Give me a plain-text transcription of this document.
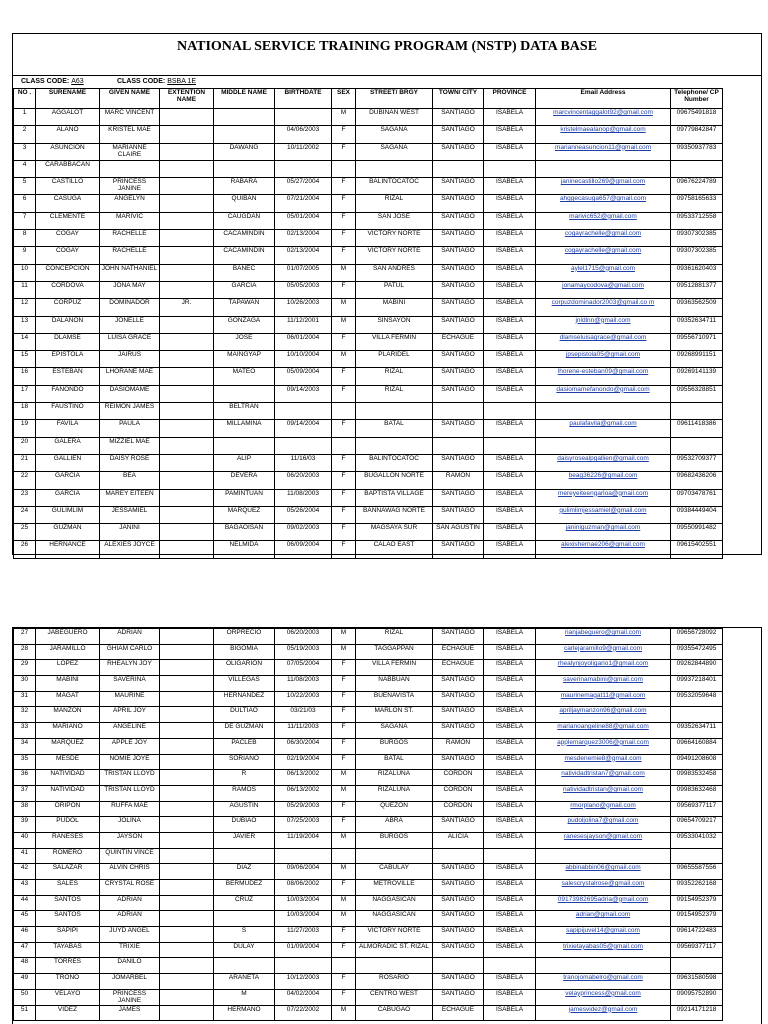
NATIONAL SERVICE TRAINING PROGRAM (NSTP) DATA BASE
CLASS CODE: A63	CLASS CODE: BSBA 1E
NO .	SURENAME	GIVEN NAME	EXTENTION NAME	MIDDLE NAME	BIRTHDATE	SEX	STREET/ BRGY	TOWN/ CITY	PROVINCE	Email Address	Telephone/ CP Number
1	AGGALOT	MARC VINCENT				M	DUBINAN WEST	SANTIAGO	ISABELA	marcvincentaggalot92@gmail.com	09675491818
2	ALANO	KRISTEL MAE			04/06/2003	F	SAGANA	SANTIAGO	ISABELA	kristelmaealanop@gmail.com	09779842847
3	ASUNCION	MARIANNE CLAIRE		DAWANG	10/11/2002	F	SAGANA	SANTIAGO	ISABELA	marianneasuncion11@gmail.com	09350937783
4	CARABBACAN										
5	CASTILLO	PRINCESS JANINE		RABARA	05/27/2004	F	BALINTOCATOC	SANTIAGO	ISABELA	janinecastillo269@gmail.com	09676224789
6	CASUGA	ANGELYN		QUIBAN	07/21/2004	F	RIZAL	SANTIAGO	ISABELA	ahggecasuga657@gmail.com	09758165633
7	CLEMENTE	MARIVIC		CAUGDAN	05/01/2004	F	SAN JOSE	SANTIAGO	ISABELA	marivic652@gmail.com	09533712558
8	COGAY	RACHELLE		CACAMINDIN	02/13/2004	F	VICTORY NORTE	SANTIAGO	ISABELA	cogayrachelle@gmail.com	09307302385
9	COGAY	RACHELLE		CACAMINDIN	02/13/2004	F	VICTORY NORTE	SANTIAGO	ISABELA	cogayrachelle@gmail.com	09307302385
10	CONCEPCION	JOHN NATHANIEL		BANEC	01/07/2005	M	SAN ANDRES	SANTIAGO	ISABELA	aylel1715@gmail.com	09361620403
11	CORDOVA	JONA MAY		GARCIA	05/05/2003	F	PATUL	SANTIAGO	ISABELA	jonamaycodova@gmail.com	09512881377
12	CORPUZ	DOMINADOR	JR.	TAPAWAN	10/26/2003	M	MABINI	SANTIAGO	ISABELA	corpuzdominador2003@gmail.co m	09363562509
13	DALANON	JONELLE		GONZAGA	11/12/2001	M	SINSAYON	SANTIAGO	ISABELA	jnldlnn@gmail.com	09352634711
14	DLAMSE	LUISA GRACE		JOSE	06/01/2004	F	VILLA FERMIN	ECHAGUE	ISABELA	dlamseluisagrace@gmail.com	09556710971
15	EPISTOLA	JAIRUS		MAINGYAP	10/10/2004	M	PLARIDEL	SANTIAGO	ISABELA	jpsepistola05@gmail.com	09268991151
16	ESTEBAN	LHORANE MAE		MATEO	05/09/2004	F	RIZAL	SANTIAGO	ISABELA	lhorene-esteban09@gmail.com	09269141139
17	FANONDO	DASIOMAME			09/14/2003	F	RIZAL	SANTIAGO	ISABELA	dasiomamefanondo@gmail.com	09556328851
18	FAUSTINO	REIMON JAMES		BELTRAN							
19	FAVILA	PAULA		MILLAMINA	09/14/2004	F	BATAL	SANTIAGO	ISABELA	paulafavila@gmail.com	09611418386
20	GALERA	MIZZIEL MAE									
21	GALLIEN	DAISY ROSE		ALIP	11/16/03	F	BALINTOCATOC	SANTIAGO	ISABELA	daisyrosealpgallien@gmail.com	09532709377
22	GARCIA	BEA		DEVERA	06/20/2003	F	BUGALLON NORTE	RAMON	ISABELA	beag36226@gmail.com	09682436206
23	GARCIA	MAREY EITEEN		PAMINTUAN	11/08/2003	F	BAPTISTA VILLAGE	SANTIAGO	ISABELA	mereyeiteengarloa@gmail.com	09703478761
24	GULIMLIM	JESSAMIEL		MARQUEZ	05/26/2004	F	BANNAWAG NORTE	SANTIAGO	ISABELA	gulimlimjessamiel@gmail.com	09384449404
25	GUZMAN	JANINI		BAGAOISAN	09/02/2003	F	MAGSAYA SUR	SAN AGUSTIN	ISABELA	janiniguzman@gmail.com	09550991482
26	HERNANCE	ALEXIES JOYCE		NELMIDA	06/09/2004	F	CALAO EAST	SANTIAGO	ISABELA	alexishernae206@gmail.com	09615402551
27	JABEGUERO	ADRIAN		ORPRECIO	06/20/2003	M	RIZAL	SANTIAGO	ISABELA	rianjabeguero@gmail.com	09656728092
28	JARAMILLO	GHIAM CARLO		BIGOMIA	05/19/2003	M	TAGGAPPAN	ECHAGUE	ISABELA	carlejaramillo9@gmail.com	09355472495
29	LOPEZ	RHEALYN JOY		OLIGARION	07/05/2004	F	VILLA FERMIN	ECHAGUE	ISABELA	rhealynjoyoligario1@gmail.com	09262844890
30	MABINI	SAVERINA		VILLEGAS	11/08/2003	F	NABBUAN	SANTIAGO	ISABELA	saverinamabini@gmail.com	09937218401
31	MAGAT	MAURINE		HERNANDEZ	10/22/2003	F	BUENAVISTA	SANTIAGO	ISABELA	maurinemagat11@gmail.com	09532059648
32	MANZON	APRIL JOY		DULTIAO	03/21/03	F	MARLON ST.	SANTIAGO	ISABELA	apriljaymanzon96@gmail.com	
33	MARIANO	ANGELINE		DE GUZMAN	11/11/2003	F	SAGANA	SANTIAGO	ISABELA	marianoangeline88@gmail.com	09352634711
34	MARQUEZ	APPLE JOY		PACLEB	06/30/2004	F	BURGOS	RAMON	ISABELA	applemarquez3006@gmail.com	09664160884
35	MESDE	NOMIE JOYE		SORIANO	02/19/2004	F	BATAL	SANTIAGO	ISABELA	mesdenemie8@gmail.com	09491208608
36	NATIVIDAD	TRISTAN LLOYD		R	06/13/2002	M	RIZALUNA	CORDON	ISABELA	natividadtristan7@gmail.com	09983532458
37	NATIVIDAD	TRISTAN LLOYD		RAMOS	06/13/2002	M	RIZALUNA	CORDON	ISABELA	natividadtristan@gmail.com	09983632468
38	ORIPON	RUFFA MAE		AGUSTIN	05/29/2003	F	QUEZON	CORDON	ISABELA	rmorplano@gmail.com	09569377117
39	PUDOL	JOLINA		DUBIAO	07/25/2003	F	ABRA	SANTIAGO	ISABELA	pudoljolina7@gmail.com	09654709217
40	RANESES	JAYSON		JAVIER	11/19/2004	M	BURGOS	ALICIA	ISABELA	ranesesjayson@gmail.com	09533041032
41	ROMERO	QUINTIN VINCE									
42	SALAZAR	ALVIN CHRIS		DIAZ	09/06/2004	M	CABULAY	SANTIAGO	ISABELA	abbinabbin06@gmail.com	09655587556
43	SALES	CRYSTAL ROSE		BERMUDEZ	08/06/2002	F	METROVILLE	SANTIAGO	ISABELA	salescrystalrose@gmail.com	09352262168
44	SANTOS	ADRIAN		CRUZ	10/03/2004	M	NAGGASICAN	SANTIAGO	ISABELA	09173982695adria@gmail.com	09154952379
45	SANTOS	ADRIAN			10/03/2004	M	NAGGASICAN	SANTIAGO	ISABELA	adrian@gmail.com	09154952379
46	SAPIPI	JUYD ANGEL		S	11/27/2003	F	VICTORY NORTE	SANTIAGO	ISABELA	sapipijuvel14@gmail.com	09614722483
47	TAYABAS	TRIXIE		DULAY	01/09/2004	F	ALMORADIC ST. RIZAL	SANTIAGO	ISABELA	trixietayabas05@gmail.com	09569377117
48	TORRES	DANILO									
49	TRONO	JOMARBEL		ARANETA	10/12/2003	F	ROSARIO	SANTIAGO	ISABELA	tranojomabelro@gmail.com	09631580598
50	VELAYO	PRINCESS JANINE		M	04/02/2004	F	CENTRO WEST	SANTIAGO	ISABELA	velayprincess@gmail.com	09095752890
51	VIDEZ	JAMES		HERMANO	07/22/2002	M	CABUGAO	ECHAGUE	ISABELA	jamesvidez@gmail.com	09214171218
